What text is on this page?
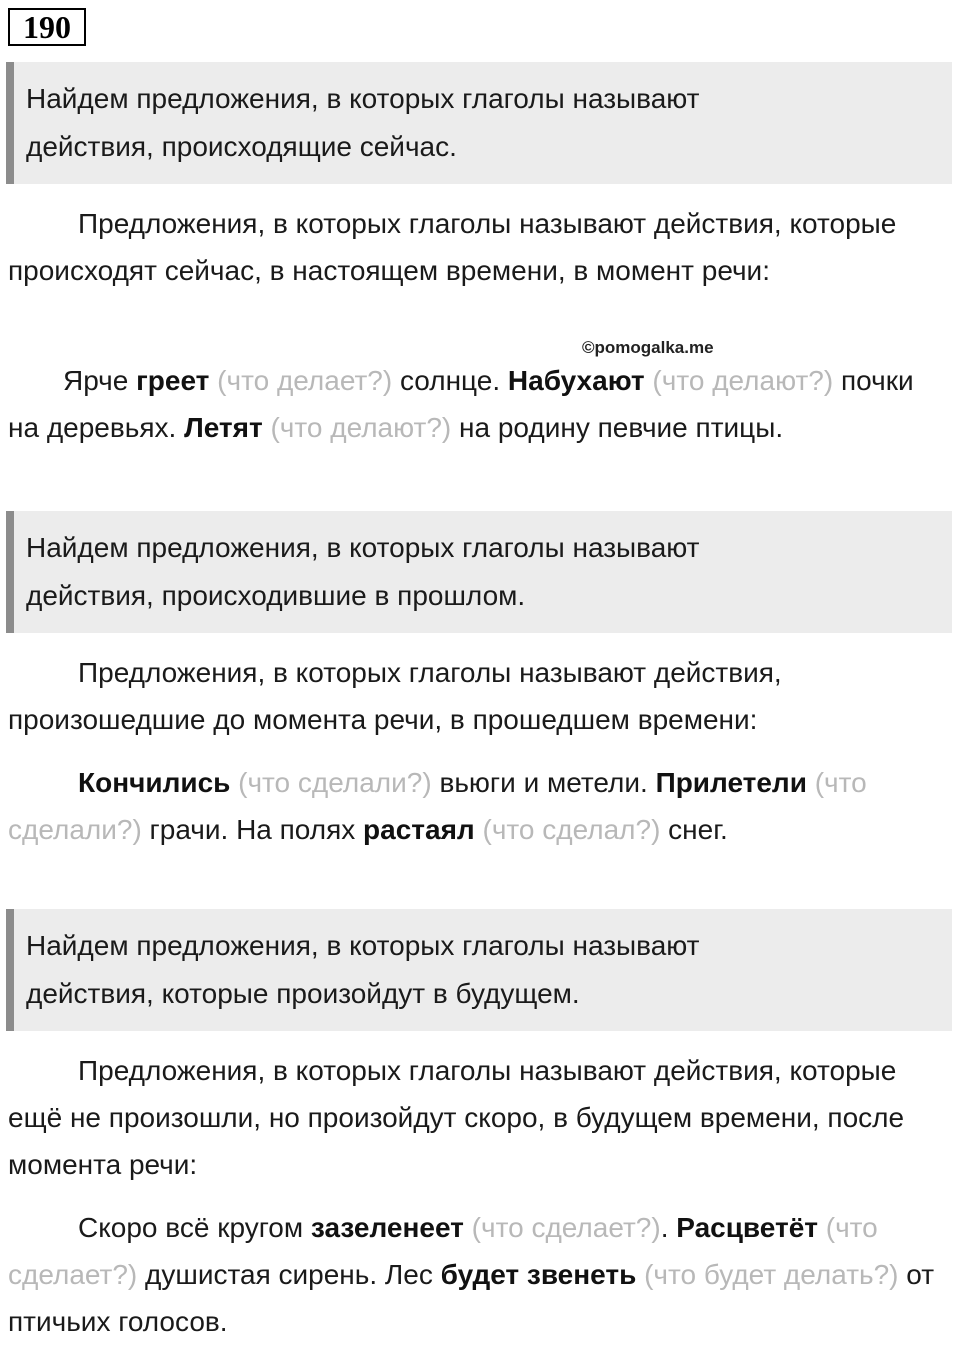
190
Найдем предложения, в которых глаголы называют
действия, происходящие сейчас.

Предложения, в которых глаголы называют действия, которые происходят сейчас, в настоящем времени, в момент речи:

©pomogalka.me

Ярче греет (что делает?) солнце. Набухают (что делают?) почки на деревьях. Летят (что делают?) на родину певчие птицы.

Найдем предложения, в которых глаголы называют
действия, происходившие в прошлом.

Предложения, в которых глаголы называют действия, произошедшие до момента речи, в прошедшем времени:

Кончились (что сделали?) вьюги и метели. Прилетели (что сделали?) грачи. На полях растаял (что сделал?) снег.

Найдем предложения, в которых глаголы называют
действия, которые произойдут в будущем.

Предложения, в которых глаголы называют действия, которые ещё не произошли, но произойдут скоро, в будущем времени, после момента речи:

Скоро всё кругом зазеленеет (что сделает?). Расцветёт (что сделает?) душистая сирень. Лес будет звенеть (что будет делать?) от птичьих голосов.
